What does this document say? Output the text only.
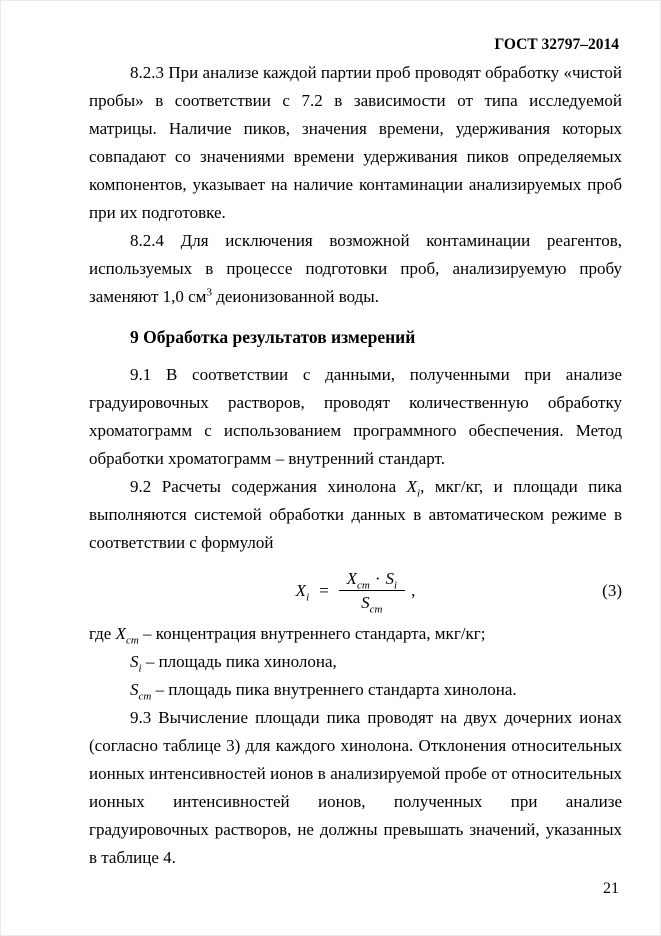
ГОСТ 32797–2014

8.2.3 При анализе каждой партии проб проводят обработку «чистой пробы» в соответствии с 7.2 в зависимости от типа исследуемой матрицы. Наличие пиков, значения времени, удерживания которых совпадают со значениями времени удерживания пиков определяемых компонентов, указывает на наличие контаминации анализируемых проб при их подготовке.

8.2.4 Для исключения возможной контаминации реагентов, используемых в процессе подготовки проб, анализируемую пробу заменяют 1,0 $см^3$ деионизованной воды.

9 Обработка результатов измерений

9.1 В соответствии с данными, полученными при анализе градуировочных растворов, проводят количественную обработку хроматограмм с использованием программного обеспечения. Метод обработки хроматограмм – внутренний стандарт.

9.2 Расчеты содержания хинолона $Х_i$, мкг/кг, и площади пика выполняются системой обработки данных в автоматическом режиме в соответствии с формулой

$Х_i = \frac{Х_{ст} \cdot S_i}{S_{ст}}$ ,	(3)

где $Х_{ст}$ – концентрация внутреннего стандарта, мкг/кг;

$S_i$ – площадь пика хинолона,

$S_{ст}$ – площадь пика внутреннего стандарта хинолона.

9.3 Вычисление площади пика проводят на двух дочерних ионах (согласно таблице 3) для каждого хинолона. Отклонения относительных ионных интенсивностей ионов в анализируемой пробе от относительных ионных интенсивностей ионов, полученных при анализе градуировочных растворов, не должны превышать значений, указанных в таблице 4.

21
